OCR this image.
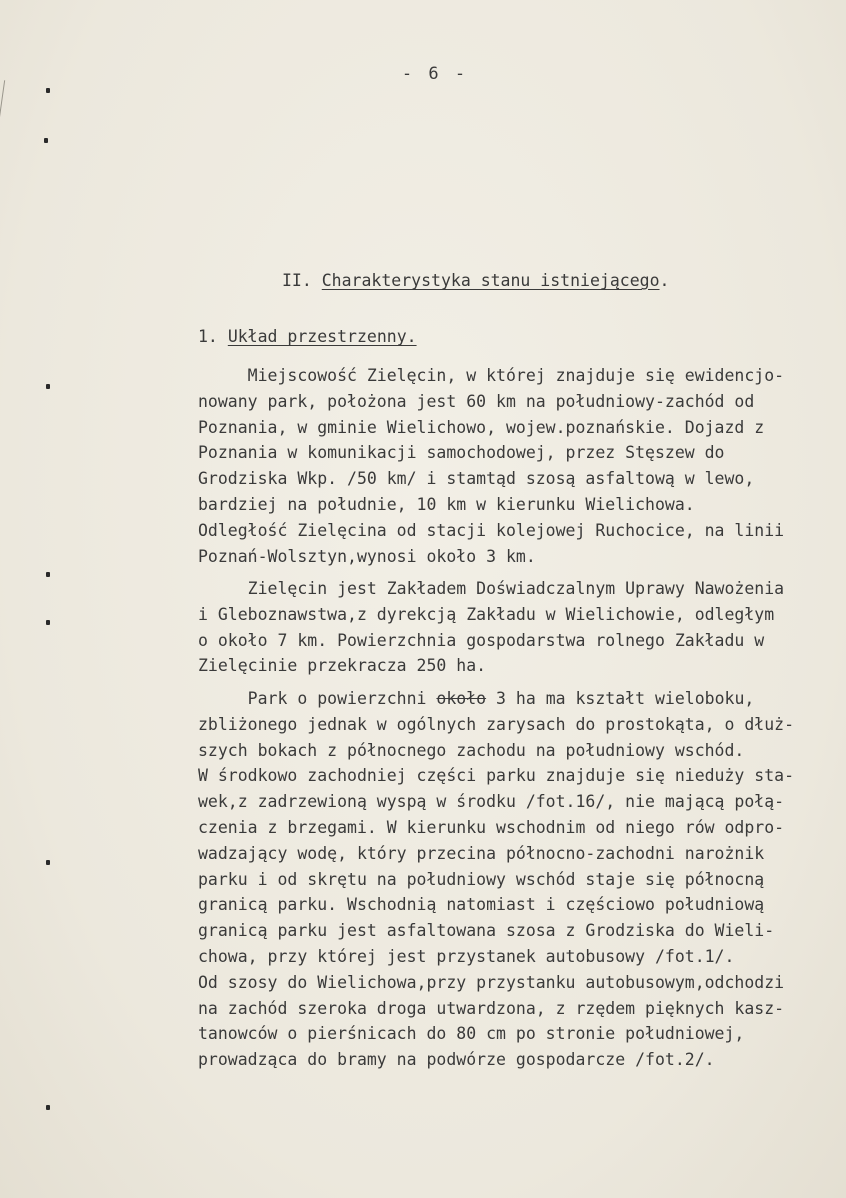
- 6 -
II. Charakterystyka stanu istniejącego.
1. Układ przestrzenny.
Miejscowość Zielęcin, w której znajduje się ewidencjo-
nowany park, położona jest 60 km na południowy-zachód od
Poznania, w gminie Wielichowo, wojew.poznańskie. Dojazd z
Poznania w komunikacji samochodowej, przez Stęszew do
Grodziska Wkp. /50 km/ i stamtąd szosą asfaltową w lewo,
bardziej na południe, 10 km w kierunku Wielichowa.
Odległość Zielęcina od stacji kolejowej Ruchocice, na linii
Poznań-Wolsztyn,wynosi około 3 km.
Zielęcin jest Zakładem Doświadczalnym Uprawy Nawożenia
i Gleboznawstwa,z dyrekcją Zakładu w Wielichowie, odległym
o około 7 km. Powierzchnia gospodarstwa rolnego Zakładu w
Zielęcinie przekracza 250 ha.
Park o powierzchni około 3 ha ma kształt wieloboku,
zbliżonego jednak w ogólnych zarysach do prostokąta, o dłuż-
szych bokach z północnego zachodu na południowy wschód.
W środkowo zachodniej części parku znajduje się nieduży sta-
wek,z zadrzewioną wyspą w środku /fot.16/, nie mającą połą-
czenia z brzegami. W kierunku wschodnim od niego rów odpro-
wadzający wodę, który przecina północno-zachodni narożnik
parku i od skrętu na południowy wschód staje się północną
granicą parku. Wschodnią natomiast i częściowo południową
granicą parku jest asfaltowana szosa z Grodziska do Wieli-
chowa, przy której jest przystanek autobusowy /fot.1/.
Od szosy do Wielichowa,przy przystanku autobusowym,odchodzi
na zachód szeroka droga utwardzona, z rzędem pięknych kasz-
tanowców o pierśnicach do 80 cm po stronie południowej,
prowadząca do bramy na podwórze gospodarcze /fot.2/.
